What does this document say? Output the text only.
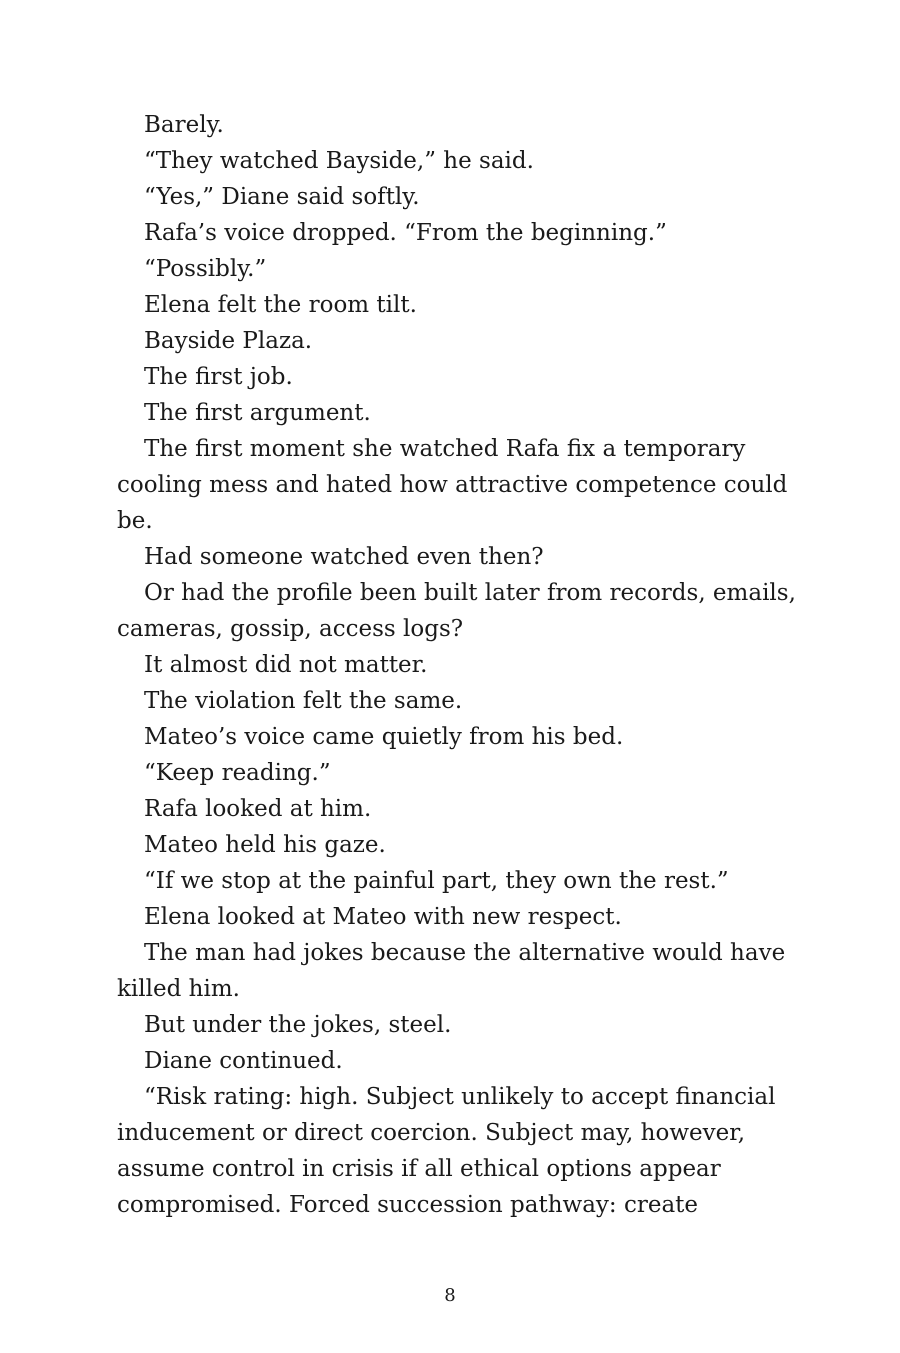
Barely.

“They watched Bayside,” he said.

“Yes,” Diane said softly.

Rafa’s voice dropped. “From the beginning.”

“Possibly.”

Elena felt the room tilt.

Bayside Plaza.

The first job.

The first argument.

The first moment she watched Rafa fix a temporary cooling mess and hated how attractive competence could be.

Had someone watched even then?

Or had the profile been built later from records, emails, cameras, gossip, access logs?

It almost did not matter.

The violation felt the same.

Mateo’s voice came quietly from his bed.

“Keep reading.”

Rafa looked at him.

Mateo held his gaze.

“If we stop at the painful part, they own the rest.”

Elena looked at Mateo with new respect.

The man had jokes because the alternative would have killed him.

But under the jokes, steel.

Diane continued.

“Risk rating: high. Subject unlikely to accept financial inducement or direct coercion. Subject may, however, assume control in crisis if all ethical options appear compromised. Forced succession pathway: create

8
